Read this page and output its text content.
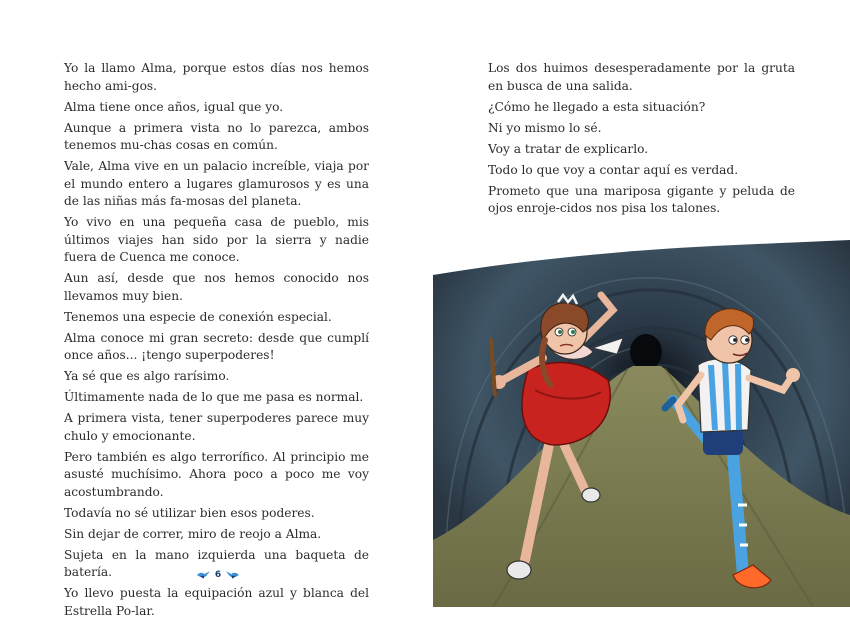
Yo la llamo Alma, porque estos días nos hemos hecho ami-gos.

Alma tiene once años, igual que yo.

Aunque a primera vista no lo parezca, ambos tenemos mu-chas cosas en común.

Vale, Alma vive en un palacio increíble, viaja por el mundo entero a lugares glamurosos y es una de las niñas más fa-mosas del planeta.

Yo vivo en una pequeña casa de pueblo, mis últimos viajes han sido por la sierra y nadie fuera de Cuenca me conoce.

Aun así, desde que nos hemos conocido nos llevamos muy bien.

Tenemos una especie de conexión especial.

Alma conoce mi gran secreto: desde que cumplí once años... ¡tengo superpoderes!

Ya sé que es algo rarísimo.

Últimamente nada de lo que me pasa es normal.

A primera vista, tener superpoderes parece muy chulo y emocionante.

Pero también es algo terrorífico. Al principio me asusté muchísimo. Ahora poco a poco me voy acostumbrando.

Todavía no sé utilizar bien esos poderes.

Sin dejar de correr, miro de reojo a Alma.

Sujeta en la mano izquierda una baqueta de batería.

Yo llevo puesta la equipación azul y blanca del Estrella Po-lar.

6

Los dos huimos desesperadamente por la gruta en busca de una salida.

¿Cómo he llegado a esta situación?

Ni yo mismo lo sé.

Voy a tratar de explicarlo.

Todo lo que voy a contar aquí es verdad.

Prometo que una mariposa gigante y peluda de ojos enroje-cidos nos pisa los talones.
